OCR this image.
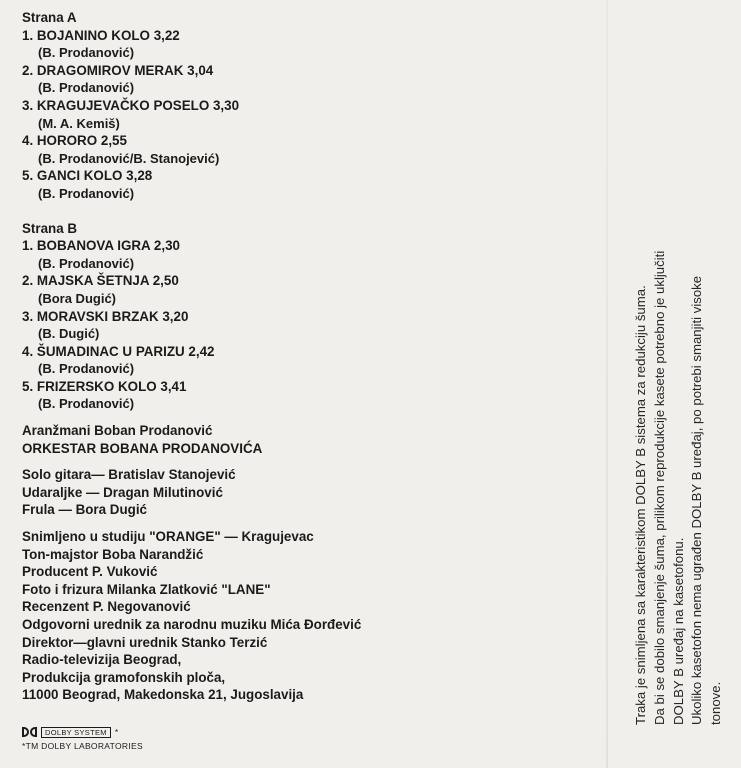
Strana A
1. BOJANINO KOLO 3,22
(B. Prodanović)
2. DRAGOMIROV MERAK 3,04
(B. Prodanović)
3. KRAGUJEVAČKO POSELO 3,30
(M. A. Kemiš)
4. HORORO 2,55
(B. Prodanović/B. Stanojević)
5. GANCI KOLO 3,28
(B. Prodanović)
Strana B
1. BOBANOVA IGRA 2,30
(B. Prodanović)
2. MAJSKA ŠETNJA 2,50
(Bora Dugić)
3. MORAVSKI BRZAK 3,20
(B. Dugić)
4. ŠUMADINAC U PARIZU 2,42
(B. Prodanović)
5. FRIZERSKO KOLO 3,41
(B. Prodanović)
Aranžmani Boban Prodanović
ORKESTAR BOBANA PRODANOVIĆA
Solo gitara— Bratislav Stanojević
Udaraljke — Dragan Milutinović
Frula — Bora Dugić
Snimljeno u studiju "ORANGE" — Kragujevac
Ton-majstor Boba Narandžić
Producent P. Vuković
Foto i frizura Milanka Zlatković "LANE"
Recenzent P. Negovanović
Odgovorni urednik za narodnu muziku Mića Đorđević
Direktor—glavni urednik Stanko Terzić
Radio-televizija Beograd,
Produkcija gramofonskih ploča,
11000 Beograd, Makedonska 21, Jugoslavija
DOLBY SYSTEM *
*TM DOLBY LABORATORIES
Traka je snimljena sa karakteristikom DOLBY B sistema za redukciju šuma. Da bi se dobilo smanjenje šuma, prilikom reprodukcije kasete potrebno je uključiti DOLBY B uređaj na kasetofonu. Ukoliko kasetofon nema ugrađen DOLBY B uređaj, po potrebi smanjiti visoke tonove.
